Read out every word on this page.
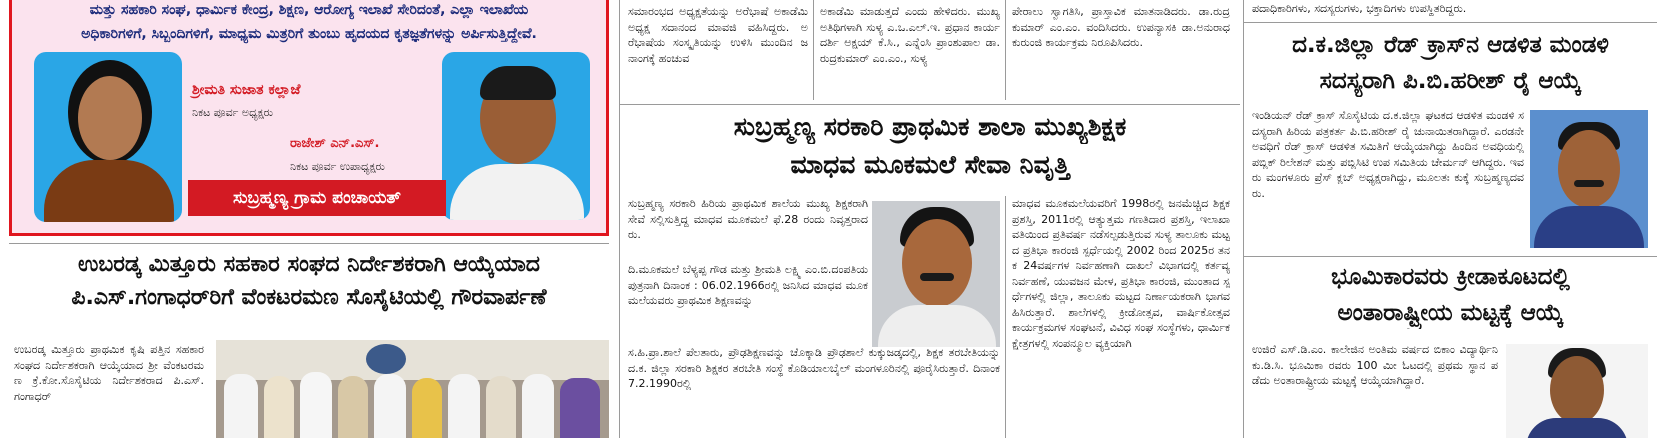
ಮತ್ತು ಸಹಕಾರಿ ಸಂಘ, ಧಾರ್ಮಿಕ ಕೇಂದ್ರ, ಶಿಕ್ಷಣ, ಆರೋಗ್ಯ ಇಲಾಖೆ ಸೇರಿದಂತೆ, ಎಲ್ಲಾ ಇಲಾಖೆಯ
ಅಧಿಕಾರಿಗಳಿಗೆ, ಸಿಬ್ಬಂದಿಗಳಿಗೆ, ಮಾಧ್ಯಮ ಮಿತ್ರರಿಗೆ ತುಂಬು ಹೃದಯದ ಕೃತಜ್ಞತೆಗಳನ್ನು ಅರ್ಪಿಸುತ್ತಿದ್ದೇವೆ.
ಶ್ರೀಮತಿ ಸುಜಾತ ಕಲ್ಲಾಜೆ
ನಿಕಟ ಪೂರ್ವ ಅಧ್ಯಕ್ಷರು
ರಾಜೇಶ್ ಎನ್.ಎಸ್.
ನಿಕಟ ಪೂರ್ವ ಉಪಾಧ್ಯಕ್ಷರು
ಸುಬ್ರಹ್ಮಣ್ಯ ಗ್ರಾಮ ಪಂಚಾಯತ್
ಉಬರಡ್ಕ ಮಿತ್ತೂರು ಸಹಕಾರ ಸಂಘದ ನಿರ್ದೇಶಕರಾಗಿ ಆಯ್ಕೆಯಾದ
ಪಿ.ಎಸ್.ಗಂಗಾಧರ್‌ರಿಗೆ ವೆಂಕಟರಮಣ ಸೊಸೈಟಿಯಲ್ಲಿ ಗೌರವಾರ್ಪಣೆ
ಉಬರಡ್ಕ ಮಿತ್ತೂರು ಪ್ರಾಥಮಿಕ ಕೃಷಿ ಪತ್ತಿನ ಸಹಕಾರ ಸಂಘದ ನಿರ್ದೇಶಕರಾಗಿ ಆಯ್ಕೆಯಾದ ಶ್ರೀ ವೆಂಕಟರಮಣ ಕ್ರೆ.ಕೋ.ಸೊಸೈಟಿಯ ನಿರ್ದೇಶಕರಾದ ಪಿ.ಎಸ್.ಗಂಗಾಧರ್
ಸಮಾರಂಭದ ಅಧ್ಯಕ್ಷತೆಯನ್ನು ಅರೆಭಾಷೆ ಅಕಾಡೆಮಿ ಅಧ್ಯಕ್ಷ ಸದಾನಂದ ಮಾವಜಿ ವಹಿಸಿದ್ದರು. ಅರೆಭಾಷೆಯ ಸಂಸ್ಕೃತಿಯನ್ನು ಉಳಿಸಿ ಮುಂದಿನ ಜನಾಂಗಕ್ಕೆ ಹಂಚುವ
ಅಕಾಡೆಮಿ ಮಾಡುತ್ತದೆ ಎಂದು ಹೇಳಿದರು. ಮುಖ್ಯ ಅತಿಥಿಗಳಾಗಿ ಸುಳ್ಯ ಎ.ಒ.ಎಲ್.ಇ. ಪ್ರಧಾನ ಕಾರ್ಯದರ್ಶಿ ಅಕ್ಷಯ್ ಕೆ.ಸಿ., ಎನ್ನೆಂಸಿ ಪ್ರಾಂಶುಪಾಲ ಡಾ.ರುದ್ರಕುಮಾರ್ ಎಂ.ಎಂ., ಸುಳ್ಯ
ಪೇರಾಲು ಸ್ವಾಗತಿಸಿ, ಪ್ರಾಸ್ತಾವಿಕ ಮಾತನಾಡಿದರು. ಡಾ.ರುದ್ರಕುಮಾರ್ ಎಂ.ಎಂ. ವಂದಿಸಿದರು. ಉಪನ್ಯಾಸಕಿ ಡಾ.ಅನುರಾಧ ಕುರುಂಜಿ ಕಾರ್ಯಕ್ರಮ ನಿರೂಪಿಸಿದರು.
ಸುಬ್ರಹ್ಮಣ್ಯ ಸರಕಾರಿ ಪ್ರಾಥಮಿಕ ಶಾಲಾ ಮುಖ್ಯಶಿಕ್ಷಕ
ಮಾಧವ ಮೂಕಮಲೆ ಸೇವಾ ನಿವೃತ್ತಿ
ಸುಬ್ರಹ್ಮಣ್ಯ ಸರಕಾರಿ ಹಿರಿಯ ಪ್ರಾಥಮಿಕ ಶಾಲೆಯ ಮುಖ್ಯ ಶಿಕ್ಷಕರಾಗಿ ಸೇವೆ ಸಲ್ಲಿಸುತ್ತಿದ್ದ ಮಾಧವ ಮೂಕಮಲೆ ಫೆ.28 ರಂದು ನಿವೃತ್ತರಾದರು.
ದಿ.ಮೂಕಮಲೆ ಬೆಳ್ಯಪ್ಪ ಗೌಡ ಮತ್ತು ಶ್ರೀಮತಿ ಲಕ್ಷ್ಮಿ ಎಂ.ಬಿ.ದಂಪತಿಯ ಪುತ್ರನಾಗಿ ದಿನಾಂಕ : 06.02.1966ರಲ್ಲಿ ಜನಿಸಿದ ಮಾಧವ ಮೂಕಮಲೆಯವರು ಪ್ರಾಥಮಿಕ ಶಿಕ್ಷಣವನ್ನು
ಸ.ಹಿ.ಪ್ರಾ.ಶಾಲೆ ಪೆಲತಾರು, ಪ್ರೌಢಶಿಕ್ಷಣವನ್ನು ಚೊಕ್ಕಾಡಿ ಪ್ರೌಢಶಾಲೆ ಕುಕ್ಕುಜಡ್ಕದಲ್ಲಿ, ಶಿಕ್ಷಕ ತರಬೇತಿಯನ್ನು ದ.ಕ. ಜಿಲ್ಲಾ ಸರಕಾರಿ ಶಿಕ್ಷಕರ ತರಬೇತಿ ಸಂಸ್ಥೆ ಕೊಡಿಯಾಲಬೈಲ್ ಮಂಗಳೂರಿನಲ್ಲಿ ಪೂರೈಸಿರುತ್ತಾರೆ. ದಿನಾಂಕ 7.2.1990ರಲ್ಲಿ
ಮಾಧವ ಮೂಕಮಲೆಯವರಿಗೆ 1998ರಲ್ಲಿ ಜನಮೆಚ್ಚಿದ ಶಿಕ್ಷಕ ಪ್ರಶಸ್ತಿ, 2011ರಲ್ಲಿ ಆತ್ಯುತ್ತಮ ಗಣತಿದಾರ ಪ್ರಶಸ್ತಿ, ಇಲಾಖಾ ವತಿಯಿಂದ ಪ್ರತಿವರ್ಷ ನಡೆಸಲ್ಪಡುತ್ತಿರುವ ಸುಳ್ಯ ತಾಲೂಕು ಮಟ್ಟದ ಪ್ರತಿಭಾ ಕಾರಂಜಿ ಸ್ಪರ್ಧೆಯಲ್ಲಿ 2002 ರಿಂದ 2025ರ ತನಕ 24ವರ್ಷಗಳ ನಿರ್ವಹಣಾಗಿ ದಾಖಲೆ ವಿಭಾಗದಲ್ಲಿ ಕರ್ತವ್ಯ ನಿರ್ವಹಣೆ, ಯುವಜನ ಮೇಳ, ಪ್ರತಿಭಾ ಕಾರಂಜಿ, ಮುಂತಾದ ಸ್ಪರ್ಧೆಗಳಲ್ಲಿ ಜಿಲ್ಲಾ, ತಾಲೂಕು ಮಟ್ಟದ ನಿರ್ಣಾಯಕರಾಗಿ ಭಾಗವಹಿಸಿರುತ್ತಾರೆ. ಶಾಲೆಗಳಲ್ಲಿ ಕ್ರೀಡೋತ್ಸವ, ವಾರ್ಷಿಕೋತ್ಸವ ಕಾರ್ಯಕ್ರಮಗಳ ಸಂಘಟನೆ, ವಿವಿಧ ಸಂಘ ಸಂಸ್ಥೆಗಳು, ಧಾರ್ಮಿಕ ಕ್ಷೇತ್ರಗಳಲ್ಲಿ ಸಂಪನ್ಮೂಲ ವ್ಯಕ್ತಿಯಾಗಿ
ಪದಾಧಿಕಾರಿಗಳು, ಸದಸ್ಯರುಗಳು, ಭಕ್ತಾದಿಗಳು ಉಪಸ್ಥಿತರಿದ್ದರು.
ದ.ಕ.ಜಿಲ್ಲಾ ರೆಡ್ ಕ್ರಾಸ್‌ನ ಆಡಳಿತ ಮಂಡಳಿ
ಸದಸ್ಯರಾಗಿ ಪಿ.ಬಿ.ಹರೀಶ್ ರೈ ಆಯ್ಕೆ
ಇಂಡಿಯನ್ ರೆಡ್ ಕ್ರಾಸ್ ಸೊಸೈಟಿಯ ದ.ಕ.ಜಿಲ್ಲಾ ಘಟಕದ ಆಡಳಿತ ಮಂಡಳಿ ಸದಸ್ಯರಾಗಿ ಹಿರಿಯ ಪತ್ರಕರ್ತ ಪಿ.ಬಿ.ಹರೀಶ್ ರೈ ಚುನಾಯಿತರಾಗಿದ್ದಾರೆ. ಎರಡನೇ ಅವಧಿಗೆ ರೆಡ್ ಕ್ರಾಸ್ ಆಡಳಿತ ಸಮಿತಿಗೆ ಆಯ್ಕೆಯಾಗಿದ್ದು ಹಿಂದಿನ ಅವಧಿಯಲ್ಲಿ ಪಬ್ಲಿಕ್ ರಿಲೇಶನ್ ಮತ್ತು ಪಬ್ಲಿಸಿಟಿ ಉಪ ಸಮಿತಿಯ ಚೇರ್ಮನ್ ಆಗಿದ್ದರು. ಇವರು ಮಂಗಳೂರು ಪ್ರೆಸ್ ಕ್ಲಬ್ ಅಧ್ಯಕ್ಷರಾಗಿದ್ದು, ಮೂಲತಃ ಕುಕ್ಕೆ ಸುಬ್ರಹ್ಮಣ್ಯದವರು.
ಭೂಮಿಕಾರವರು ಕ್ರೀಡಾಕೂಟದಲ್ಲಿ
ಅಂತಾರಾಷ್ಟ್ರೀಯ ಮಟ್ಟಕ್ಕೆ ಆಯ್ಕೆ
ಉಜಿರೆ ಎಸ್.ಡಿ.ಎಂ. ಕಾಲೇಜಿನ ಅಂತಿಮ ವರ್ಷದ ಬಿಕಾಂ ವಿದ್ಯಾರ್ಥಿನಿ ಕು.ಡಿ.ಸಿ. ಭೂಮಿಕಾ ರವರು 100 ಮೀ ಓಟದಲ್ಲಿ ಪ್ರಥಮ ಸ್ಥಾನ ಪಡೆದು ಅಂತಾರಾಷ್ಟ್ರೀಯ ಮಟ್ಟಕ್ಕೆ ಆಯ್ಕೆಯಾಗಿದ್ದಾರೆ.
